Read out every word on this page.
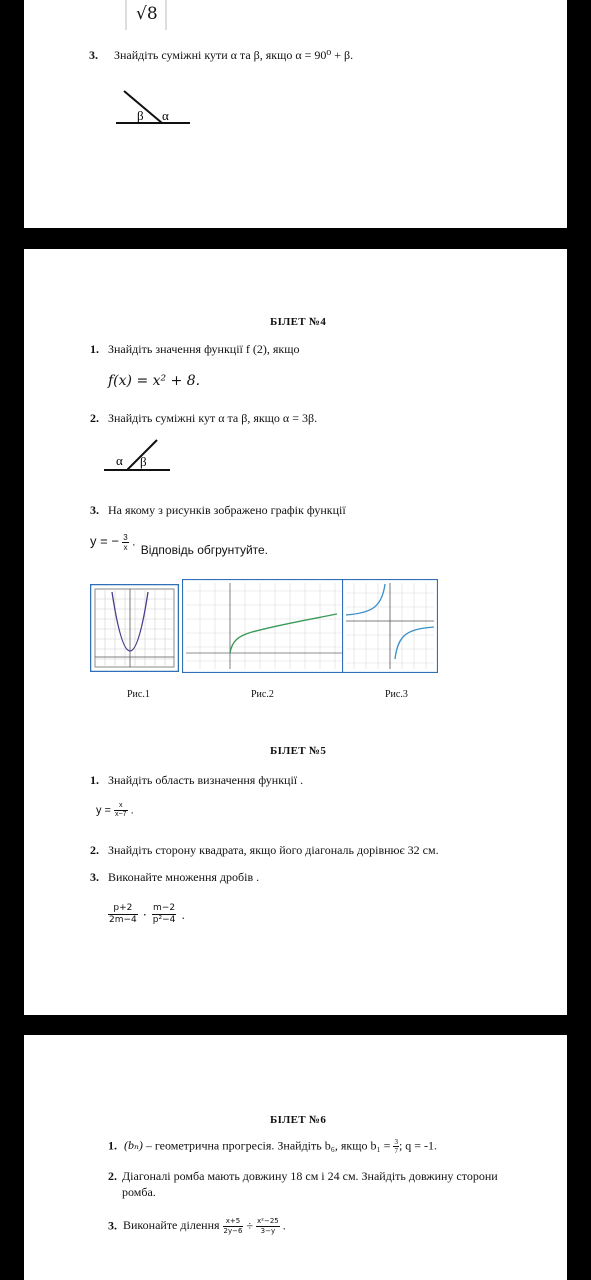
√8
3. Знайдіть суміжні кути α та β, якщо α = 90⁰ + β.
β α
БІЛЕТ №4
1. Знайдіть значення функції f (2), якщо
f(x) = x² + 8.
2. Знайдіть суміжні кут α та β, якщо α = 3β.
α β
3. На якому з рисунків зображено графік функції
y = − $\frac{3}{x}$ . Відповідь обгрунтуйте.
Рис.1	Рис.2	Рис.3
БІЛЕТ №5
1. Знайдіть область визначення функції .
$y = \frac{x}{x-7}$ .
2. Знайдіть сторону квадрата, якщо його діагональ дорівнює 32 см.
3. Виконайте множення дробів .
$\frac{p+2}{2m-4} \cdot \frac{m-2}{\text{p²−4}}$ .
БІЛЕТ №6
1. (bₙ) – геометрична прогресія. Знайдіть b₆, якщо $b_1 = \frac{3}{7}$ ; q = -1.
2. Діагоналі ромба мають довжину 18 см і 24 см. Знайдіть довжину сторони
ромба.
3. Виконайте ділення $\frac{x+5}{2y-6} \div \frac{\text{x²−25}}{3-y}$ .
